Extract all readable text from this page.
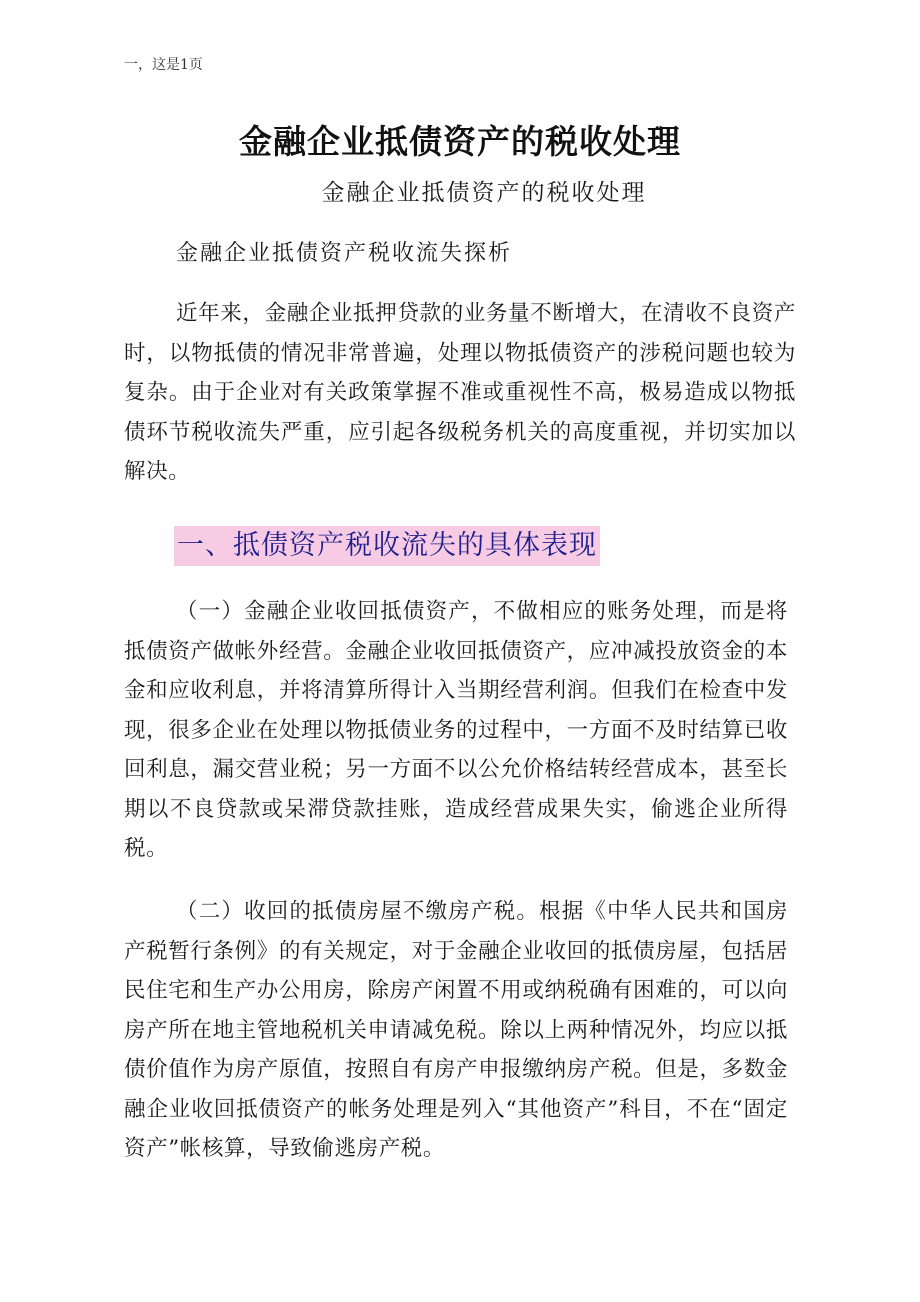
一，这是1页
金融企业抵债资产的税收处理
金融企业抵债资产的税收处理
金融企业抵债资产税收流失探析

近年来，金融企业抵押贷款的业务量不断增大，在清收不良资产时，以物抵债的情况非常普遍，处理以物抵债资产的涉税问题也较为复杂。由于企业对有关政策掌握不准或重视性不高，极易造成以物抵债环节税收流失严重，应引起各级税务机关的高度重视，并切实加以解决。

一、抵债资产税收流失的具体表现

（一）金融企业收回抵债资产，不做相应的账务处理，而是将抵债资产做帐外经营。金融企业收回抵债资产，应冲减投放资金的本金和应收利息，并将清算所得计入当期经营利润。但我们在检查中发现，很多企业在处理以物抵债业务的过程中，一方面不及时结算已收回利息，漏交营业税；另一方面不以公允价格结转经营成本，甚至长期以不良贷款或呆滞贷款挂账，造成经营成果失实，偷逃企业所得税。

（二）收回的抵债房屋不缴房产税。根据《中华人民共和国房产税暂行条例》的有关规定，对于金融企业收回的抵债房屋，包括居民住宅和生产办公用房，除房产闲置不用或纳税确有困难的，可以向房产所在地主管地税机关申请减免税。除以上两种情况外，均应以抵债价值作为房产原值，按照自有房产申报缴纳房产税。但是，多数金融企业收回抵债资产的帐务处理是列入“其他资产”科目，不在“固定资产”帐核算，导致偷逃房产税。
